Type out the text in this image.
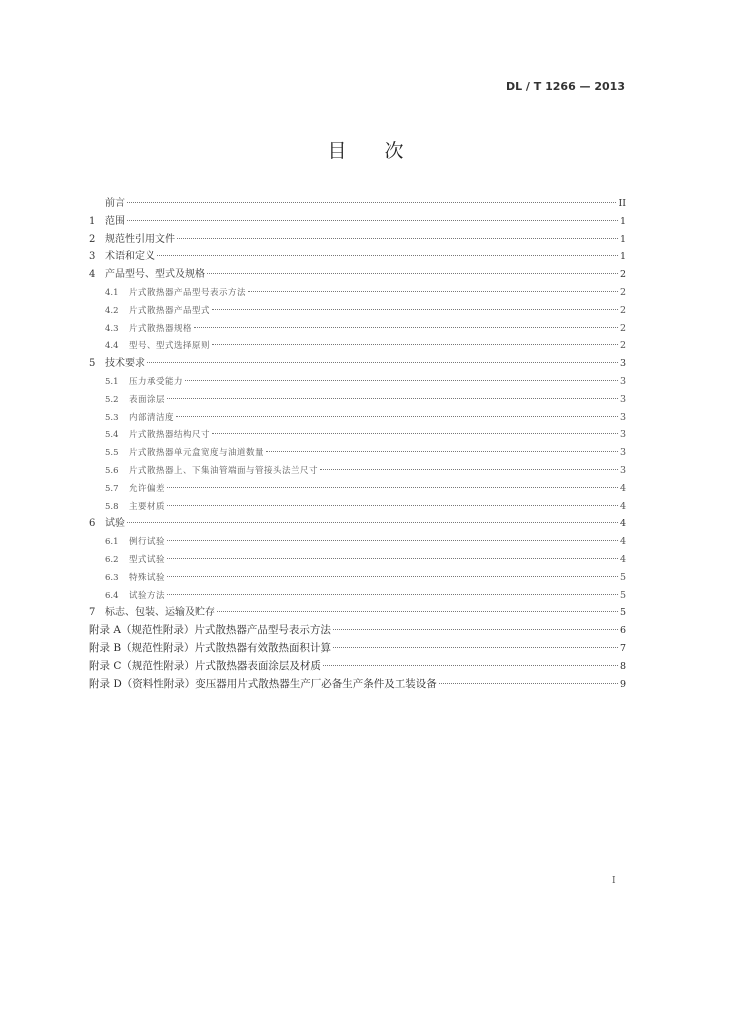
DL / T 1266 — 2013
目次
前言	II
1 范围	1
2 规范性引用文件	1
3 术语和定义	1
4 产品型号、型式及规格	2
4.1	片式散热器产品型号表示方法	2
4.2	片式散热器产品型式	2
4.3	片式散热器规格	2
4.4	型号、型式选择原则	2
5 技术要求	3
5.1	压力承受能力	3
5.2	表面涂层	3
5.3	内部清洁度	3
5.4	片式散热器结构尺寸	3
5.5	片式散热器单元盒宽度与油道数量	3
5.6	片式散热器上、下集油管端面与管接头法兰尺寸	3
5.7	允许偏差	4
5.8	主要材质	4
6 试验	4
6.1	例行试验	4
6.2	型式试验	4
6.3	特殊试验	5
6.4	试验方法	5
7 标志、包装、运输及贮存	5
附录 A（规范性附录） 片式散热器产品型号表示方法	6
附录 B（规范性附录） 片式散热器有效散热面积计算	7
附录 C（规范性附录） 片式散热器表面涂层及材质	8
附录 D（资料性附录） 变压器用片式散热器生产厂必备生产条件及工装设备	9
I
